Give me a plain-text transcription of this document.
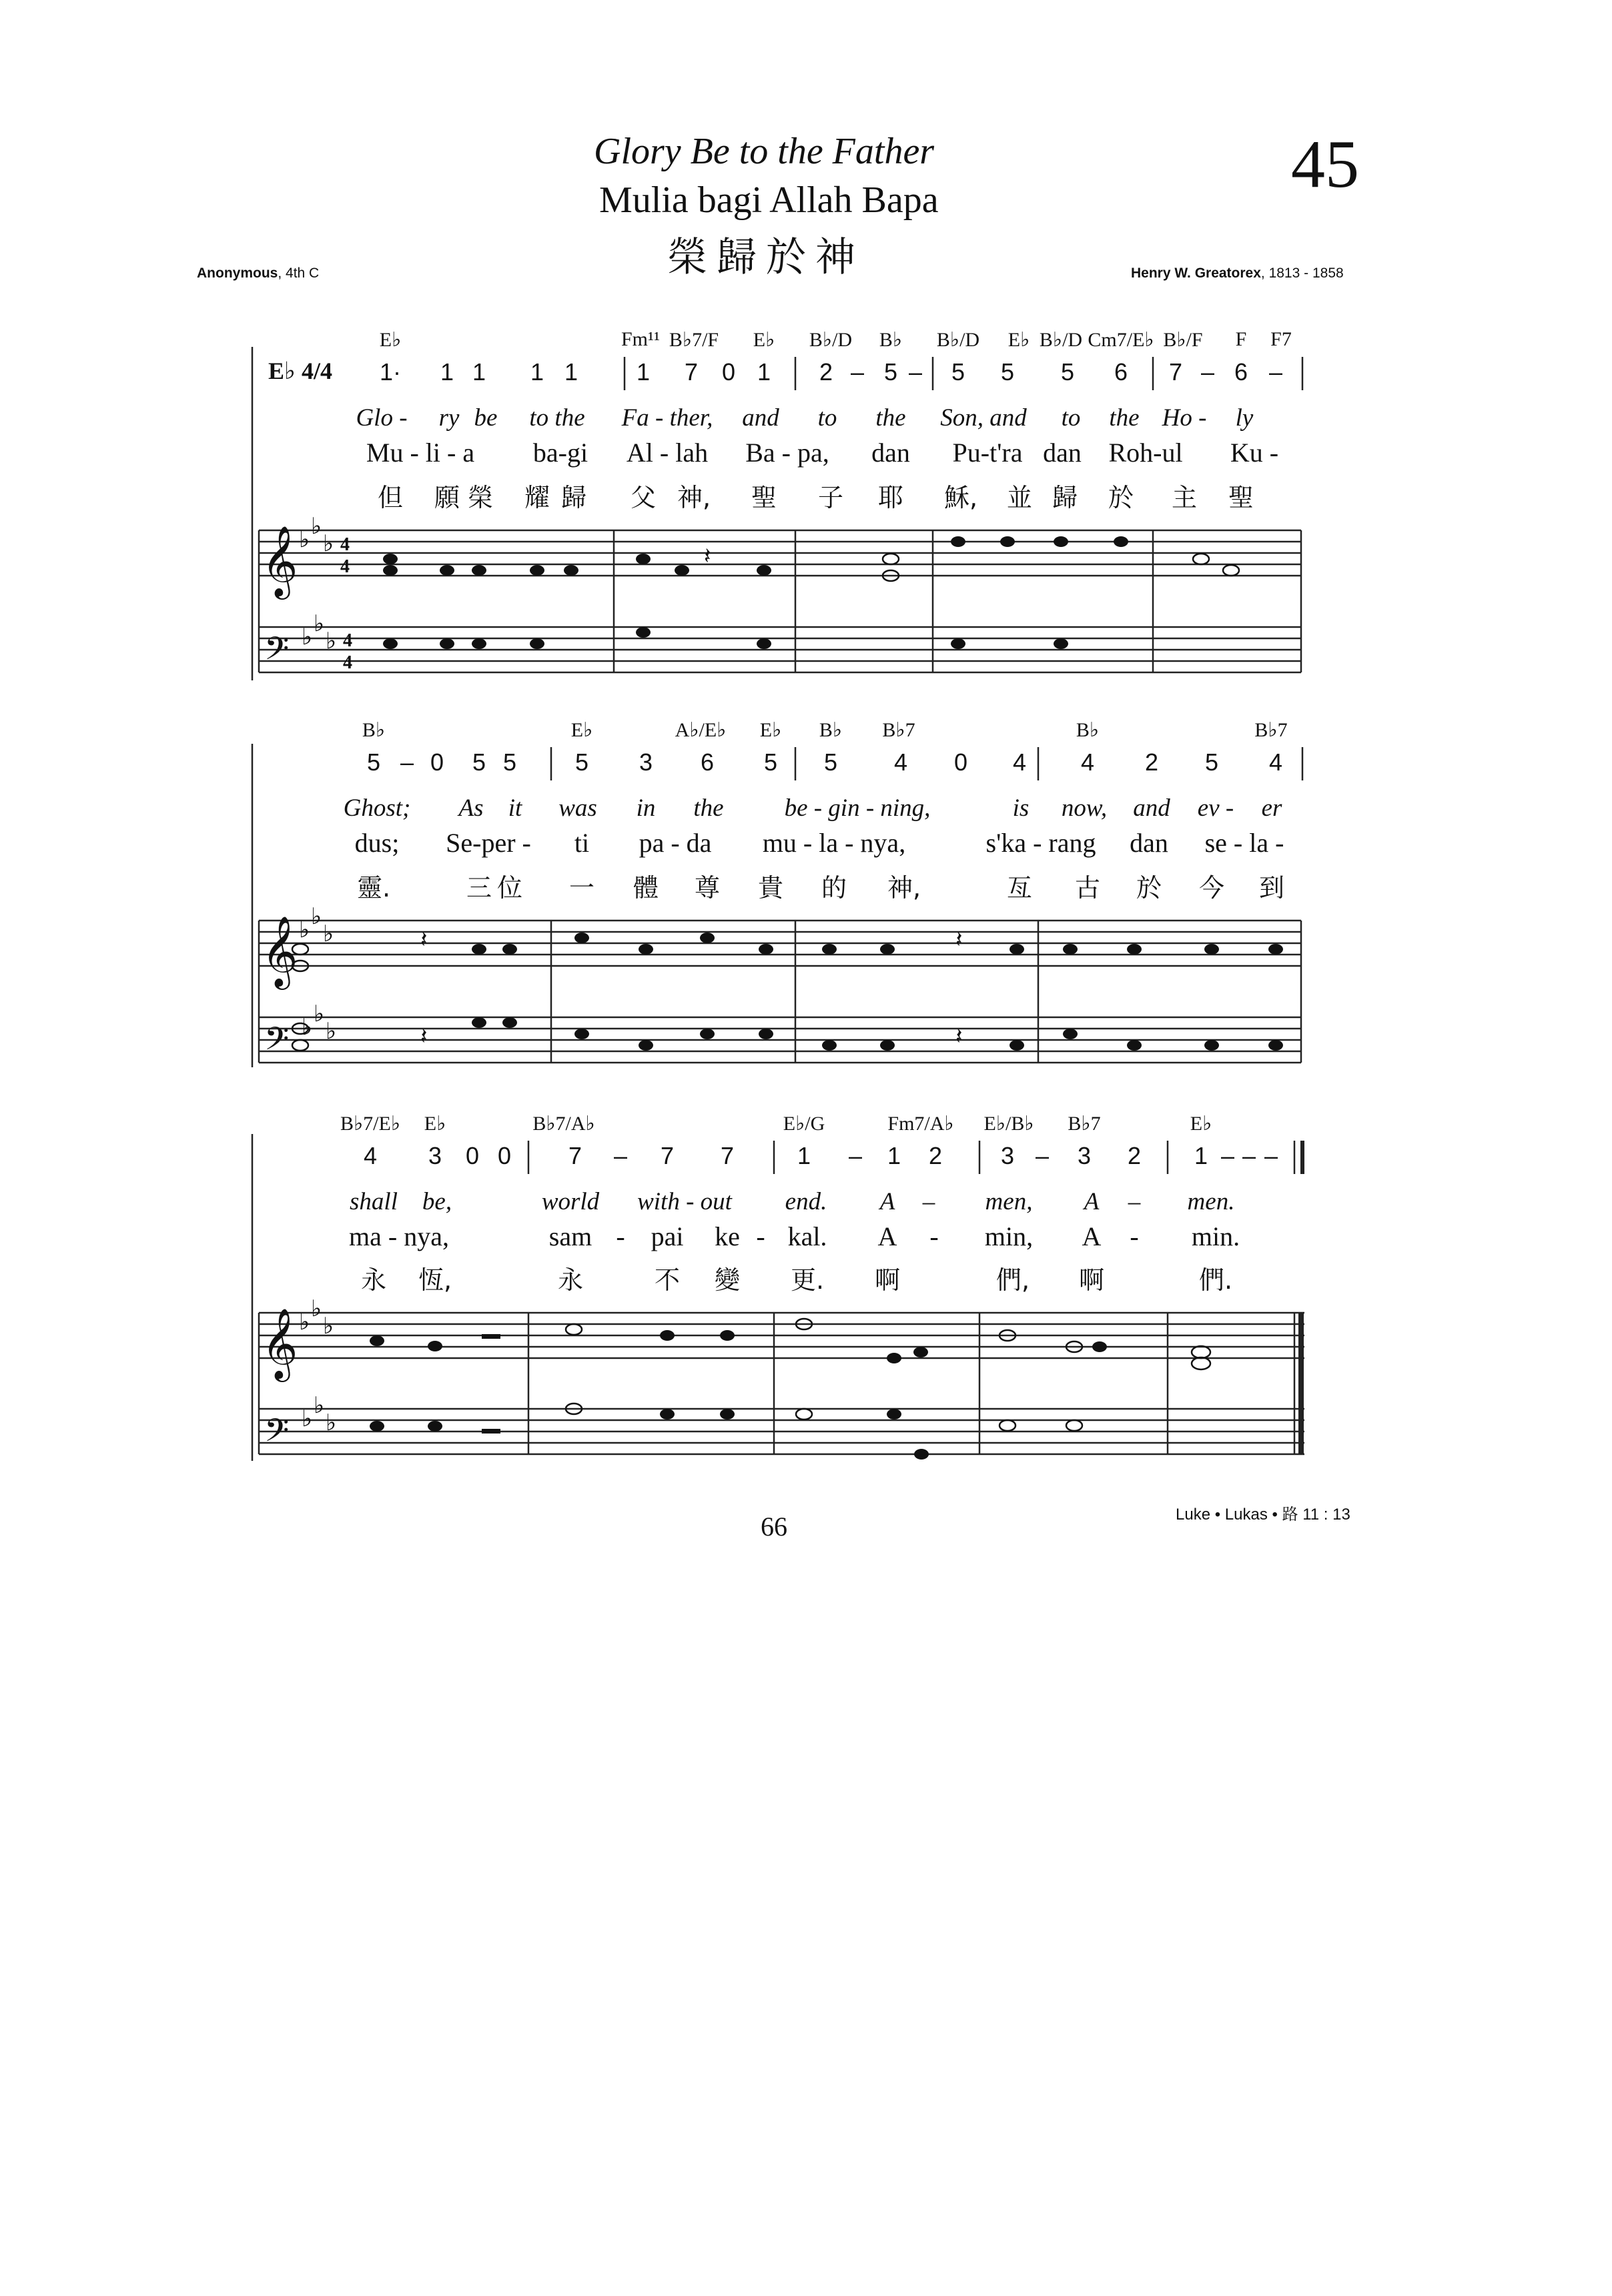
Glory Be to the Father
Mulia bagi Allah Bapa
榮歸於神
45
Anonymous, 4th C	Henry W. Greatorex, 1813 - 1858
E♭ 4/4
𝄞
𝄢
𝄞
𝄢
𝄞
𝄢
♭ ♭
♭
♭ ♭
♭
♭ ♭
♭
♭ ♭
♭
♭ ♭
♭
♭ ♭
♭
4
4
4
4
𝄽
𝄽	𝄽
𝄽	𝄽
E♭	Fm¹¹ B♭7/F E♭ B♭/D B♭ B♭/D E♭ B♭/D Cm7/E♭ B♭/F F F7
1· 1 1 1 1 1 7 0 1 2 – 5 – 5 5 5 6 7 – 6 –
Glo - ry be to the Fa - ther, and to the Son, and to the Ho - ly
Mu - li - a ba-gi Al - lah Ba - pa, dan Pu-t'ra dan Roh-ul Ku -
但 願 榮 耀 歸 父 神, 聖 子 耶 穌, 並 歸 於 主 聖
B♭	E♭	A♭/E♭ E♭ B♭ B♭7	B♭	B♭7
5 – 0 5 5 5 3 6 5 5 4 0 4 4 2 5 4
Ghost; As it was in the be - gin - ning,	is now, and ev - er
dus; Se-per - ti pa - da mu - la - nya,	s'ka - rang dan se - la -
靈.	三 位 一 體 尊 貴 的 神,	亙 古 於 今 到
B♭7/E♭ E♭	B♭7/A♭	E♭/G	Fm7/A♭ E♭/B♭ B♭7	E♭
4 3 0 0 7 – 7 7	1 – 1 2 3 – 3 2 1 – – –
shall be,	world with - out end. A – men, A – men.
ma - nya,	sam - pai ke - kal. A - min, A - min.
永 恆,	永	不 變 更. 啊	們, 啊	們.
66	Luke • Lukas • 路 11 : 13
